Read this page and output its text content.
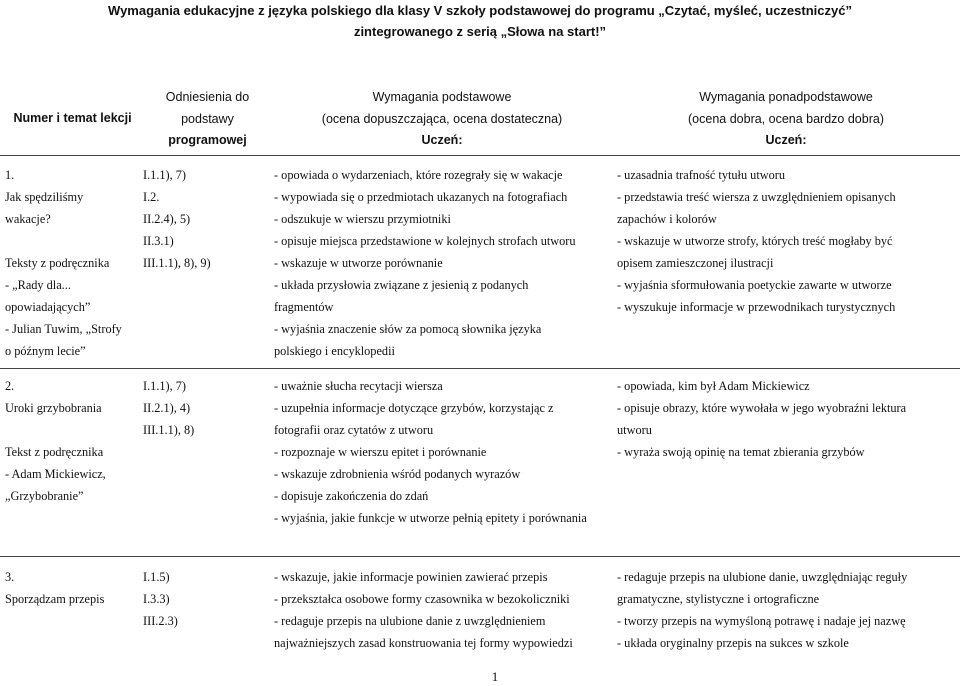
Wymagania edukacyjne z języka polskiego dla klasy V szkoły podstawowej do programu „Czytać, myśleć, uczestniczyć”
zintegrowanego z serią „Słowa na start!”
Numer i temat lekcji
Odniesienia do
podstawy
programowej
Wymagania podstawowe
(ocena dopuszczająca, ocena dostateczna)
Uczeń:
Wymagania ponadpodstawowe
(ocena dobra, ocena bardzo dobra)
Uczeń:
1.
Jak spędziliśmy
wakacje?

Teksty z podręcznika
- „Rady dla...
opowiadających”
- Julian Tuwim, „Strofy
o późnym lecie”
I.1.1), 7)
I.2.
II.2.4), 5)
II.3.1)
III.1.1), 8), 9)
- opowiada o wydarzeniach, które rozegrały się w wakacje
- wypowiada się o przedmiotach ukazanych na fotografiach
- odszukuje w wierszu przymiotniki
- opisuje miejsca przedstawione w kolejnych strofach utworu
- wskazuje w utworze porównanie
- układa przysłowia związane z jesienią z podanych
fragmentów
- wyjaśnia znaczenie słów za pomocą słownika języka
polskiego i encyklopedii
- uzasadnia trafność tytułu utworu
- przedstawia treść wiersza z uwzględnieniem opisanych
zapachów i kolorów
- wskazuje w utworze strofy, których treść mogłaby być
opisem zamieszczonej ilustracji
- wyjaśnia sformułowania poetyckie zawarte w utworze
- wyszukuje informacje w przewodnikach turystycznych
2.
Uroki grzybobrania

Tekst z podręcznika
- Adam Mickiewicz,
„Grzybobranie”
I.1.1), 7)
II.2.1), 4)
III.1.1), 8)
- uważnie słucha recytacji wiersza
- uzupełnia informacje dotyczące grzybów, korzystając z
fotografii oraz cytatów z utworu
- rozpoznaje w wierszu epitet i porównanie
- wskazuje zdrobnienia wśród podanych wyrazów
- dopisuje zakończenia do zdań
- wyjaśnia, jakie funkcje w utworze pełnią epitety i porównania
- opowiada, kim był Adam Mickiewicz
- opisuje obrazy, które wywołała w jego wyobraźni lektura
utworu
- wyraża swoją opinię na temat zbierania grzybów
3.
Sporządzam przepis
I.1.5)
I.3.3)
III.2.3)
- wskazuje, jakie informacje powinien zawierać przepis
- przekształca osobowe formy czasownika w bezokoliczniki
- redaguje przepis na ulubione danie z uwzględnieniem
najważniejszych zasad konstruowania tej formy wypowiedzi
- redaguje przepis na ulubione danie, uwzględniając reguły
gramatyczne, stylistyczne i ortograficzne
- tworzy przepis na wymyśloną potrawę i nadaje jej nazwę
- układa oryginalny przepis na sukces w szkole
1
